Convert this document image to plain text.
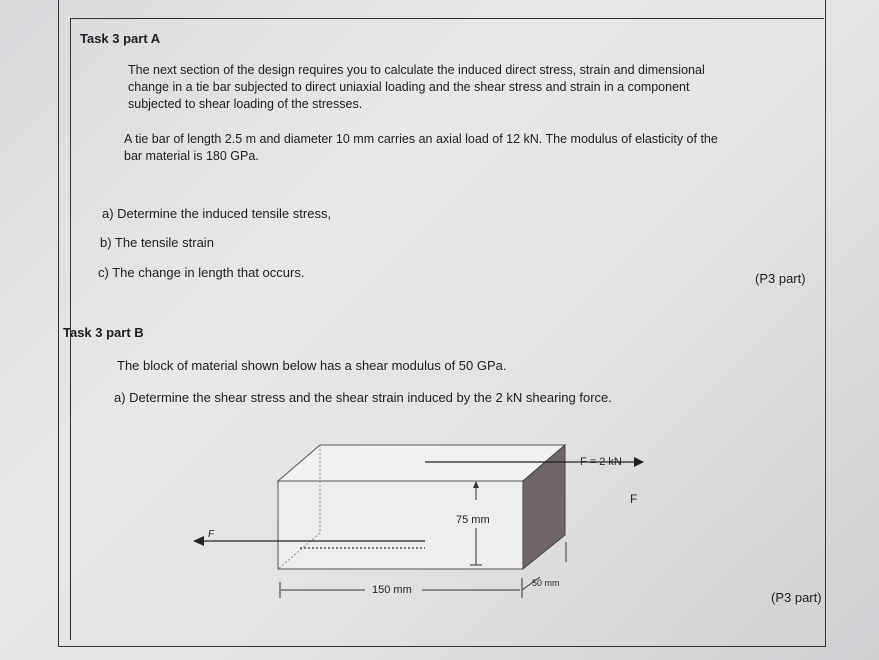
Task 3 part A
The next section of the design requires you to calculate the induced direct stress, strain and dimensional
change in a tie bar subjected to direct uniaxial loading and the shear stress and strain in a component
subjected to shear loading of the stresses.
A tie bar of length 2.5 m and diameter 10 mm carries an axial load of 12 kN. The modulus of elasticity of the
bar material is 180 GPa.
a) Determine the induced tensile stress,
b) The tensile strain
c) The change in length that occurs.	(P3 part)
Task 3 part B
The block of material shown below has a shear modulus of 50 GPa.
a) Determine the shear stress and the shear strain induced by the 2 kN shearing force.
F = 2 kN
F
F
75 mm
150 mm
50 mm
(P3 part)
